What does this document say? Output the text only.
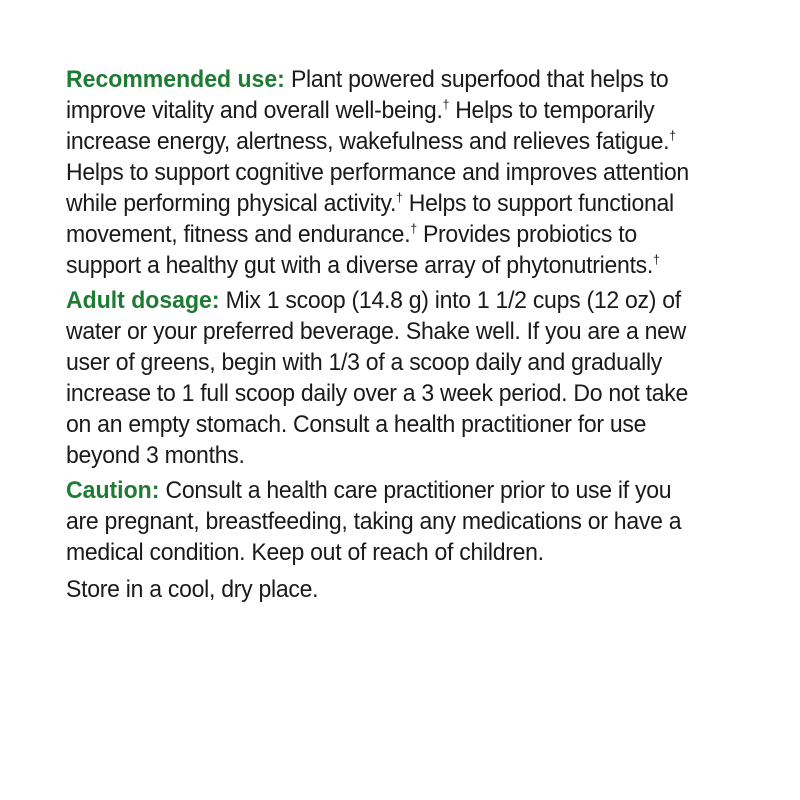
Recommended use: Plant powered superfood that helps to improve vitality and overall well-being.† Helps to temporarily increase energy, alertness, wakefulness and relieves fatigue.† Helps to support cognitive performance and improves attention while performing physical activity.† Helps to support functional movement, fitness and endurance.† Provides probiotics to support a healthy gut with a diverse array of phytonutrients.†

Adult dosage: Mix 1 scoop (14.8 g) into 1 1/2 cups (12 oz) of water or your preferred beverage. Shake well. If you are a new user of greens, begin with 1/3 of a scoop daily and gradually increase to 1 full scoop daily over a 3 week period. Do not take on an empty stomach. Consult a health practitioner for use beyond 3 months.

Caution: Consult a health care practitioner prior to use if you are pregnant, breastfeeding, taking any medications or have a medical condition. Keep out of reach of children.

Store in a cool, dry place.
